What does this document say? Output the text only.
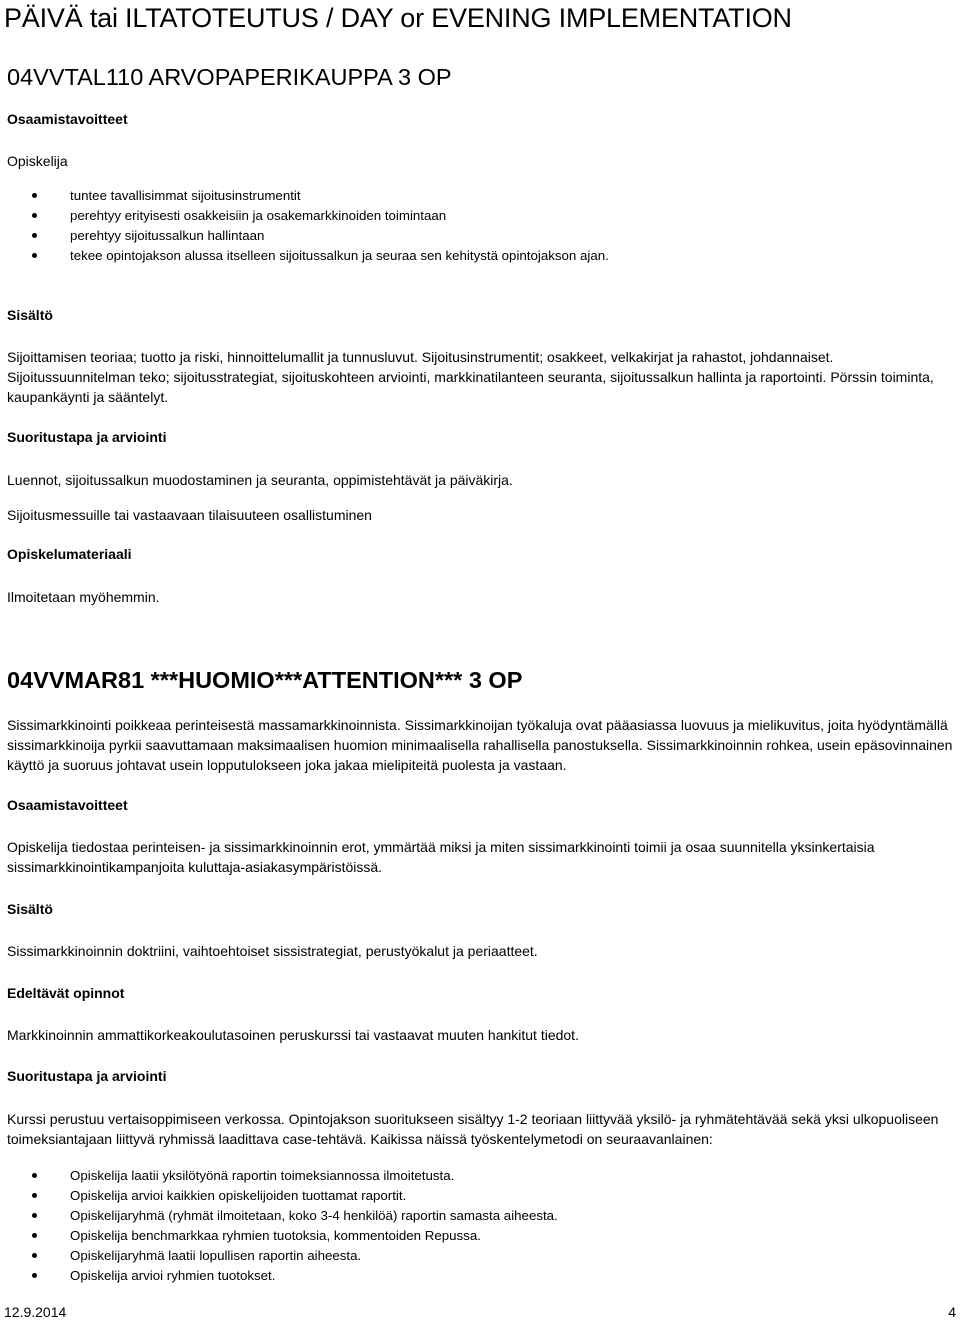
PÄIVÄ tai ILTATOTEUTUS / DAY or EVENING IMPLEMENTATION
04VVTAL110 ARVOPAPERIKAUPPA 3 OP
Osaamistavoitteet
Opiskelija
tuntee tavallisimmat sijoitusinstrumentit
perehtyy erityisesti osakkeisiin ja osakemarkkinoiden toimintaan
perehtyy sijoitussalkun hallintaan
tekee opintojakson alussa itselleen sijoitussalkun ja seuraa sen kehitystä opintojakson ajan.
Sisältö

Sijoittamisen teoriaa; tuotto ja riski, hinnoittelumallit ja tunnusluvut. Sijoitusinstrumentit; osakkeet, velkakirjat ja rahastot, johdannaiset. Sijoitussuunnitelman teko; sijoitusstrategiat, sijoituskohteen arviointi, markkinatilanteen seuranta, sijoitussalkun hallinta ja raportointi. Pörssin toiminta, kaupankäynti ja sääntelyt.

Suoritustapa ja arviointi

Luennot, sijoitussalkun muodostaminen ja seuranta, oppimistehtävät ja päiväkirja.

Sijoitusmessuille tai vastaavaan tilaisuuteen osallistuminen

Opiskelumateriaali

Ilmoitetaan myöhemmin.

04VVMAR81 ***HUOMIO***ATTENTION*** 3 OP

Sissimarkkinointi poikkeaa perinteisestä massamarkkinoinnista. Sissimarkkinoijan työkaluja ovat pääasiassa luovuus ja mielikuvitus, joita hyödyntämällä sissimarkkinoija pyrkii saavuttamaan maksimaalisen huomion minimaalisella rahallisella panostuksella. Sissimarkkinoinnin rohkea, usein epäsovinnainen käyttö ja suoruus johtavat usein lopputulokseen joka jakaa mielipiteitä puolesta ja vastaan.

Osaamistavoitteet

Opiskelija tiedostaa perinteisen- ja sissimarkkinoinnin erot, ymmärtää miksi ja miten sissimarkkinointi toimii ja osaa suunnitella yksinkertaisia sissimarkkinointikampanjoita kuluttaja-asiakasympäristöissä.

Sisältö

Sissimarkkinoinnin doktriini, vaihtoehtoiset sissistrategiat, perustyökalut ja periaatteet.

Edeltävät opinnot

Markkinoinnin ammattikorkeakoulutasoinen peruskurssi tai vastaavat muuten hankitut tiedot.

Suoritustapa ja arviointi

Kurssi perustuu vertaisoppimiseen verkossa. Opintojakson suoritukseen sisältyy 1-2 teoriaan liittyvää yksilö- ja ryhmätehtävää sekä yksi ulkopuoliseen toimeksiantajaan liittyvä ryhmissä laadittava case-tehtävä. Kaikissa näissä työskentelymetodi on seuraavanlainen:

Opiskelija laatii yksilötyönä raportin toimeksiannossa ilmoitetusta.
Opiskelija arvioi kaikkien opiskelijoiden tuottamat raportit.
Opiskelijaryhmä (ryhmät ilmoitetaan, koko 3-4 henkilöä) raportin samasta aiheesta.
Opiskelija benchmarkkaa ryhmien tuotoksia, kommentoiden Repussa.
Opiskelijaryhmä laatii lopullisen raportin aiheesta.
Opiskelija arvioi ryhmien tuotokset.
12.9.2014	4
